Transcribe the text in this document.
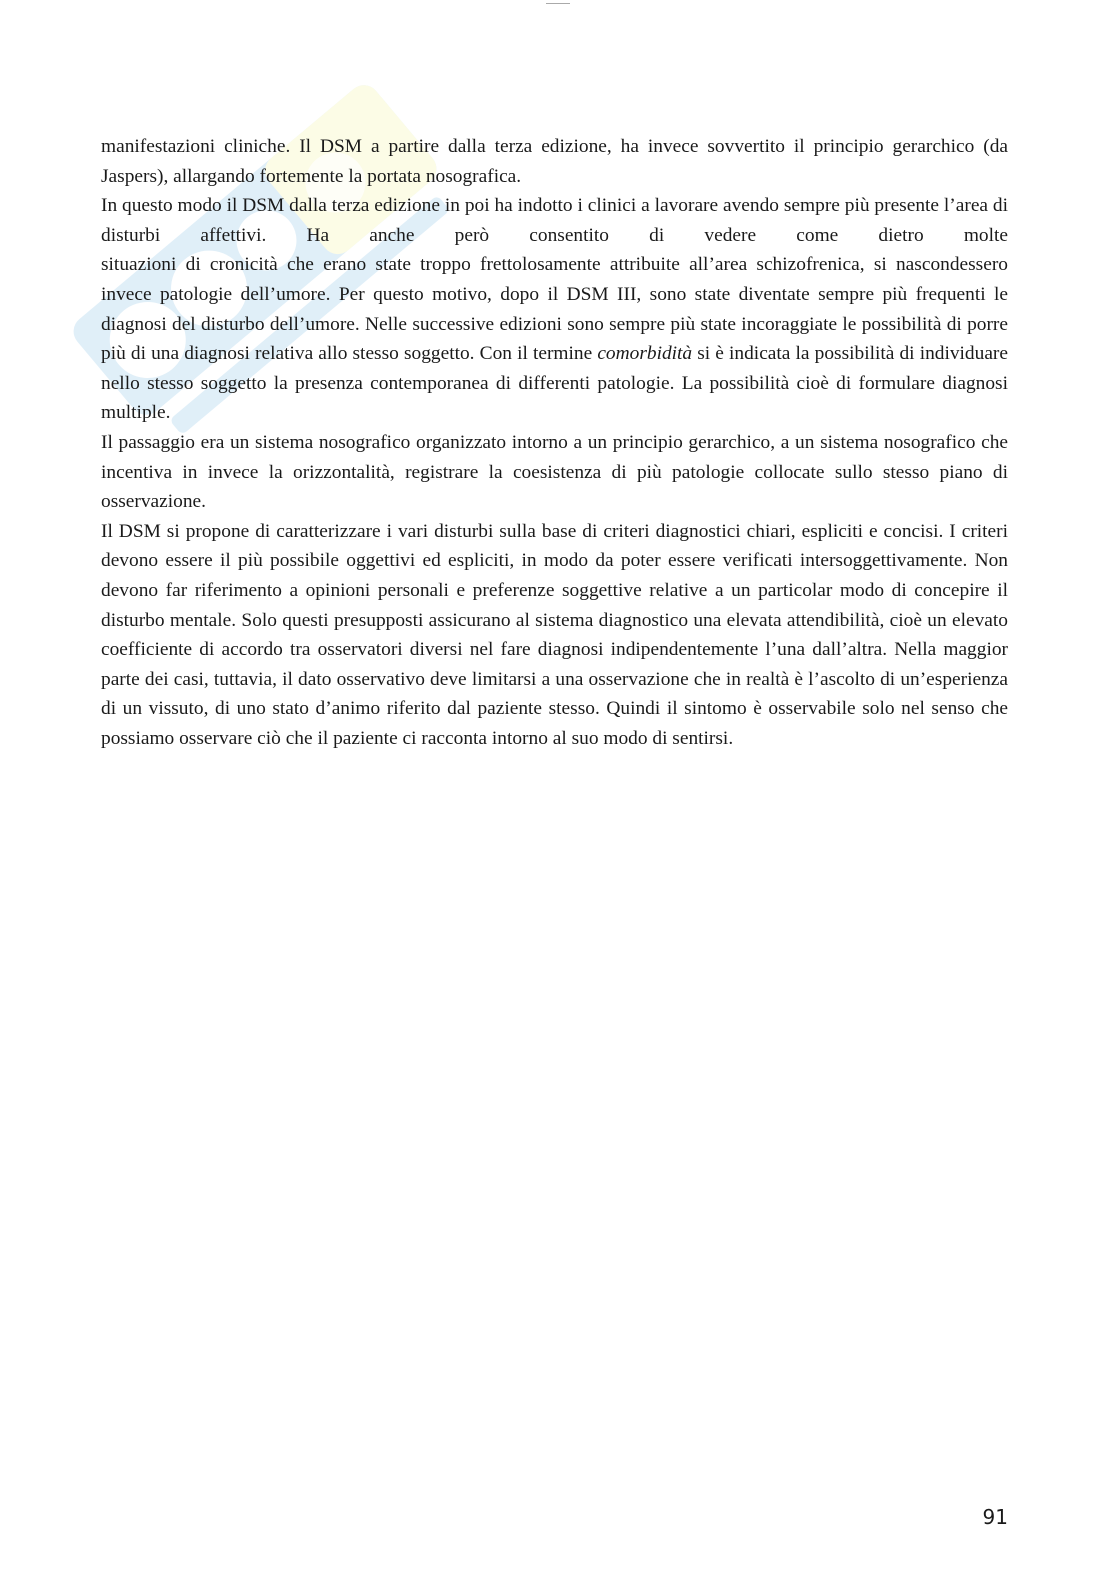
manifestazioni cliniche. Il DSM a partire dalla terza edizione, ha invece sovvertito il principio gerarchico (da Jaspers), allargando fortemente la portata nosografica.

In questo modo il DSM dalla terza edizione in poi ha indotto i clinici a lavorare avendo sempre più presente l’area di disturbi affettivi. Ha anche però consentito di vedere come dietro molte

situazioni di cronicità che erano state troppo frettolosamente attribuite all’area schizofrenica, si nascondessero invece patologie dell’umore. Per questo motivo, dopo il DSM III, sono state diventate sempre più frequenti le diagnosi del disturbo dell’umore. Nelle successive edizioni sono sempre più state incoraggiate le possibilità di porre più di una diagnosi relativa allo stesso soggetto. Con il termine comorbidità si è indicata la possibilità di individuare nello stesso soggetto la presenza contemporanea di differenti patologie. La possibilità cioè di formulare diagnosi multiple.

Il passaggio era un sistema nosografico organizzato intorno a un principio gerarchico, a un sistema nosografico che incentiva in invece la orizzontalità, registrare la coesistenza di più patologie collocate sullo stesso piano di osservazione.

Il DSM si propone di caratterizzare i vari disturbi sulla base di criteri diagnostici chiari, espliciti e concisi. I criteri devono essere il più possibile oggettivi ed espliciti, in modo da poter essere verificati intersoggettivamente. Non devono far riferimento a opinioni personali e preferenze soggettive relative a un particolar modo di concepire il disturbo mentale. Solo questi presupposti assicurano al sistema diagnostico una elevata attendibilità, cioè un elevato coefficiente di accordo tra osservatori diversi nel fare diagnosi indipendentemente l’una dall’altra. Nella maggior parte dei casi, tuttavia, il dato osservativo deve limitarsi a una osservazione che in realtà è l’ascolto di un’esperienza di un vissuto, di uno stato d’animo riferito dal paziente stesso. Quindi il sintomo è osservabile solo nel senso che possiamo osservare ciò che il paziente ci racconta intorno al suo modo di sentirsi.

91
